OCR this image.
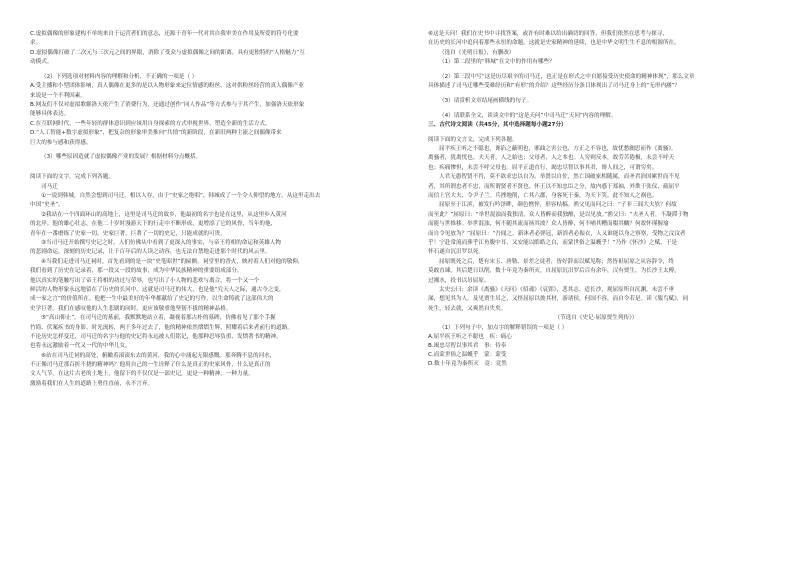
C.虚拟偶像的形象建构不单纯来自于运营者们的意志，还源于青年一代对其自我审美在作用及所爱的符号化要

求。

D.虚拟偶像打破了二次元与三次元之间的界限，消除了受众与虚拟偶像之间的距离，具有更独特的“人格魅力”互

动模式。

（2）下列选项对材料内容的理解和分析，不正确的一项是（ ）

A.受主播和小型团体影响，真人偶像在更多的是以人物形象来定位情感的粉丝，这对供粉丝经营的真人偶像产业

来说是一个不利因素。

B.网友们不仅对虚拟歌姬洛天依产生了消费行为，还通过创作“同人作品”等方式参与于其产生，加强洛天依形象

能够具体表达。

C.在互联网时代，一些年轻的群体意识到应该用自身探索的方式审视世界，塑造全新的生活方式。

D.“人工智能+数字虚拟形象”，把复杂的形象审美推向“共情”的新阶段，在新旧两种主流之间偶像带来

巨大的参与感和获得感。

（3）哪些原因造就了虚拟偶像产业的发展？根据材料分点概括。

阅读下面的文字，完成下列各题。

司马迁

①一说到韩城，自然会想到司马迁。相以人存，由于“史家之绝唱”，韩城成了一个令人仰望的地方，从这里走出去

中国“史圣”。

②我站在一个四面环山的高地上，这里是司马迁的故乡，他最初的名字也是在这里，从这里步入黄河

的北岸。他的雄心壮志，在他二十岁时漫游天下的行走中不断形成，更增添了它的风骨，当年的他，

青年在一番磨练了史家一切。史家巨著，巨著了一切的史记，只能成就的可贵。

③当司马迁开始撰写史记之时，人们仿佛从中看到了更深入的事实，与帝王将相的命运和英雄人物

的悲剧命运，深刻的历史记录，让千百年后的人读之动容，也无法自禁地走进那个时代的风云里。

④当我们走进司马迁祠时，首先看到的是一块“史笔昭世”的匾额。祠堂里的香火，映衬着人们对他的敬仰，

我们看到了历史在记录着，那一段又一段的故事，成为中华民族精神的重要组成部分。

他以真实的笔触写出了帝王将相的功过与荣辱，也写出了小人物的悲欢与离合，将一个又一个

鲜活的人物形象永远地留在了历史的长河中。这就是司马迁的伟大，也是他“究天人之际，通古今之变，

成一家之言”的价值所在。他把一生中最美好的年华都献给了史记的写作，以生命铸就了这部伟大的

史学巨著。我们在感叹他的人生悲剧的同时，更应该敬重他坚韧不拔的精神品格。

⑤“高山仰止”。在司马迁的墓前，我默默地站立着，凝视着那古朴的墓碑，仿佛看见了那个手握

竹简、伏案疾书的身影。时光流转，两千多年过去了，他的精神依然熠熠生辉，照耀着后来者前行的道路。

不论历史怎样变迁，司马迁的名字与他的史记将永远被人们铭记，他那种忍辱负重、发愤著书的精神，

也将永远激励着一代又一代的中华儿女。

⑥站在司马迁祠的高处，俯瞰着滚滚东去的黄河，我的心中涌起无限感慨。那奔腾不息的河水，

不正像司马迁那百折不挠的精神吗？他用自己的一生诠释了什么是真正的史家风骨，什么是真正的

文人气节。在这片古老的土地上，他留下的不仅仅是一部史记，更是一种精神、一种力量，

激励着我们在人生的道路上勇往直前，永不言弃。

⑥这是天问！我们在史书中寻找答案，或许有时难以给出确切的回答，但我们依然在思考与探寻，

在历史的长河中追问着那些永恒的命题。这就是史家精神的延续，也是中华文明生生不息的根源所在。

（选自《光明日报》，有删改）

（1）第二段里的“韩城”在文中的作用有哪些？

（2）第三段中写“这是历尽艰辛的司马迁，也正是在形式之中自愿接受历史使命的精神体现”，那么文章

具体描述了司马迁哪些受难经历和“有形”的介绍？这些经历分条目体现出了司马迁身上的“无形内涵”？

（3）请赏析文章结尾画横线的句子。

（4）请联系全文，谈谈文中的“这是天问”中司马迁“天问”内容的理解。

三、古代诗文阅读（共45分，其中选择题每小题27分）

阅读下面的文言文，完成下列各题。

屈平疾王听之不聪也，谗谄之蔽明也，邪曲之害公也，方正之不容也，故忧愁幽思而作《离骚》。

离骚者，犹离忧也。夫天者，人之始也；父母者，人之本也。人穷则反本，故劳苦倦极，未尝不呼天

也；疾痛惨怛，未尝不呼父母也。屈平正道直行，竭忠尽智以事其君，谗人间之，可谓穷矣。

人君无愚智贤不肖，莫不欲求忠以自为，举贤以自佐，然亡国破家相随属，而圣君治国累世而不见

者，其所谓忠者不忠，而所谓贤者不贤也。怀王以不知忠臣之分，故内惑于郑袖，外欺于张仪，疏屈平

而信上官大夫、令尹子兰。兵挫地削，亡其六郡，身客死于秦，为天下笑。此不知人之祸也。

屈原至于江滨，被发行吟泽畔，颜色憔悴，形容枯槁。渔父见而问之曰：“子非三闾大夫欤？何故

而至此？”屈原曰：“举世混浊而我独清，众人皆醉而我独醒，是以见放。”渔父曰：“夫圣人者，不凝滞于物

而能与世推移。举世混浊，何不随其流而扬其波？众人皆醉，何不哺其糟而啜其醨？何故怀瑾握瑜

而自令见放为？”屈原曰：“吾闻之，新沐者必弹冠，新浴者必振衣，人又谁能以身之察察，受物之汶汶者

乎！宁赴常流而葬乎江鱼腹中耳，又安能以皓皓之白，而蒙世俗之温蠖乎！”乃作《怀沙》之赋。于是

怀石遂自沉汨罗以死。

屈原既死之后，楚有宋玉、唐勒、景差之徒者，皆好辞而以赋见称；然皆祖屈原之从容辞令，终

莫敢直谏。其后楚日以削，数十年竟为秦所灭。自屈原沉汨罗后百有余年，汉有贾生，为长沙王太傅，

过湘水，投书以吊屈原。

太史公曰：余读《离骚》《天问》《招魂》《哀郢》，悲其志。适长沙，观屈原所自沉渊，未尝不垂

涕，想见其为人。及见贾生吊之，又怪屈原以彼其材，游诸侯，何国不容，而自令若是。读《服鸟赋》，同

死生，轻去就，又爽然自失矣。

（节选自《史记·屈原贾生列传》）

（1）下列句子中，加点字的解释错误的一项是（ ）

A.屈平疾王听之不聪也　疾：痛心

B.竭忠尽智以事其君　事：侍奉

C.而蒙世俗之温蠖乎　蒙：蒙受

D.数十年竟为秦所灭　竟：竟然
